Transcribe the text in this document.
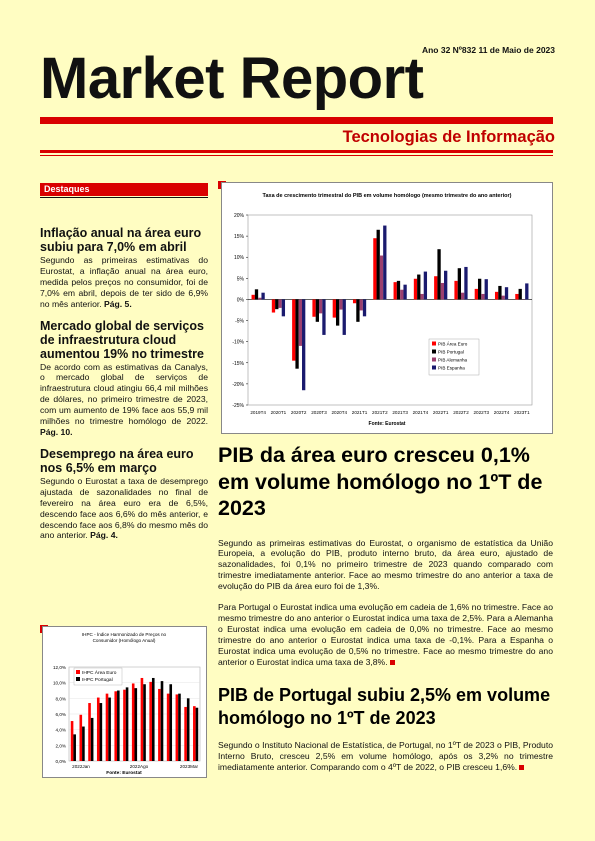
Ano 32 Nº832 11 de Maio de 2023
Market Report
Tecnologias de Informação
Destaques
Inflação anual na área euro subiu para 7,0% em abril

Segundo as primeiras estimativas do Eurostat, a inflação anual na área euro, medida pelos preços no consumidor, foi de 7,0% em abril, depois de ter sido de 6,9% no mês anterior. Pág. 5.

Mercado global de serviços de infraestrutura cloud aumentou 19% no trimestre

De acordo com as estimativas da Canalys, o mercado global de serviços de infraestrutura cloud atingiu 66,4 mil milhões de dólares, no primeiro trimestre de 2023, com um aumento de 19% face aos 55,9 mil milhões no trimestre homólogo de 2022. Pág. 10.

Desemprego na área euro nos 6,5% em março

Segundo o Eurostat a taxa de desemprego ajustada de sazonalidades no final de fevereiro na área euro era de 6,5%, descendo face aos 6,6% do mês anterior, e descendo face aos 6,8% do mesmo mês do ano anterior. Pág. 4.

IHPC - Índice Harmonizado de Preços no
Consumidor (Homólogo Anual)
12,0%
10,0%
8,0%
6,0%
4,0%
2,0%
0,0%
2022Jan	2022Ago	2023Mar
IHPC Área Euro
IHPC Portugal
Fonte: Eurostat
Taxa de crescimento trimestral do PIB em volume homólogo (mesmo trimestre do ano anterior)
20%
15%
10%
5%
0%
-5%
-10%
-15%
-20%
-25%
2019T4 2020T1 2020T2 2020T3 2020T4 2021T1 2021T2 2021T3 2021T4 2022T1 2022T2 2022T3 2022T4 2023T1
PIB Área Euro
PIB Portugal
PIB Alemanha
PIB Espanha
Fonte: Eurostat
PIB da área euro cresceu 0,1% em volume homólogo no 1ºT de 2023

Segundo as primeiras estimativas do Eurostat, o organismo de estatística da União Europeia, a evolução do PIB, produto interno bruto, da área euro, ajustado de sazonalidades, foi 0,1% no primeiro trimestre de 2023 quando comparado com trimestre imediatamente anterior. Face ao mesmo trimestre do ano anterior a taxa de evolução do PIB da área euro foi de 1,3%.

Para Portugal o Eurostat indica uma evolução em cadeia de 1,6% no trimestre. Face ao mesmo trimestre do ano anterior o Eurostat indica uma taxa de 2,5%. Para a Alemanha o Eurostat indica uma evolução em cadeia de 0,0% no trimestre. Face ao mesmo trimestre do ano anterior o Eurostat indica uma taxa de -0,1%. Para a Espanha o Eurostat indica uma evolução de 0,5% no trimestre. Face ao mesmo trimestre do ano anterior o Eurostat indica uma taxa de 3,8%.

PIB de Portugal subiu 2,5% em volume homólogo no 1ºT de 2023

Segundo o Instituto Nacional de Estatística, de Portugal, no 1ºT de 2023 o PIB, Produto Interno Bruto, cresceu 2,5% em volume homólogo, após os 3,2% no trimestre imediatamente anterior. Comparando com o 4ºT de 2022, o PIB cresceu 1,6%.
